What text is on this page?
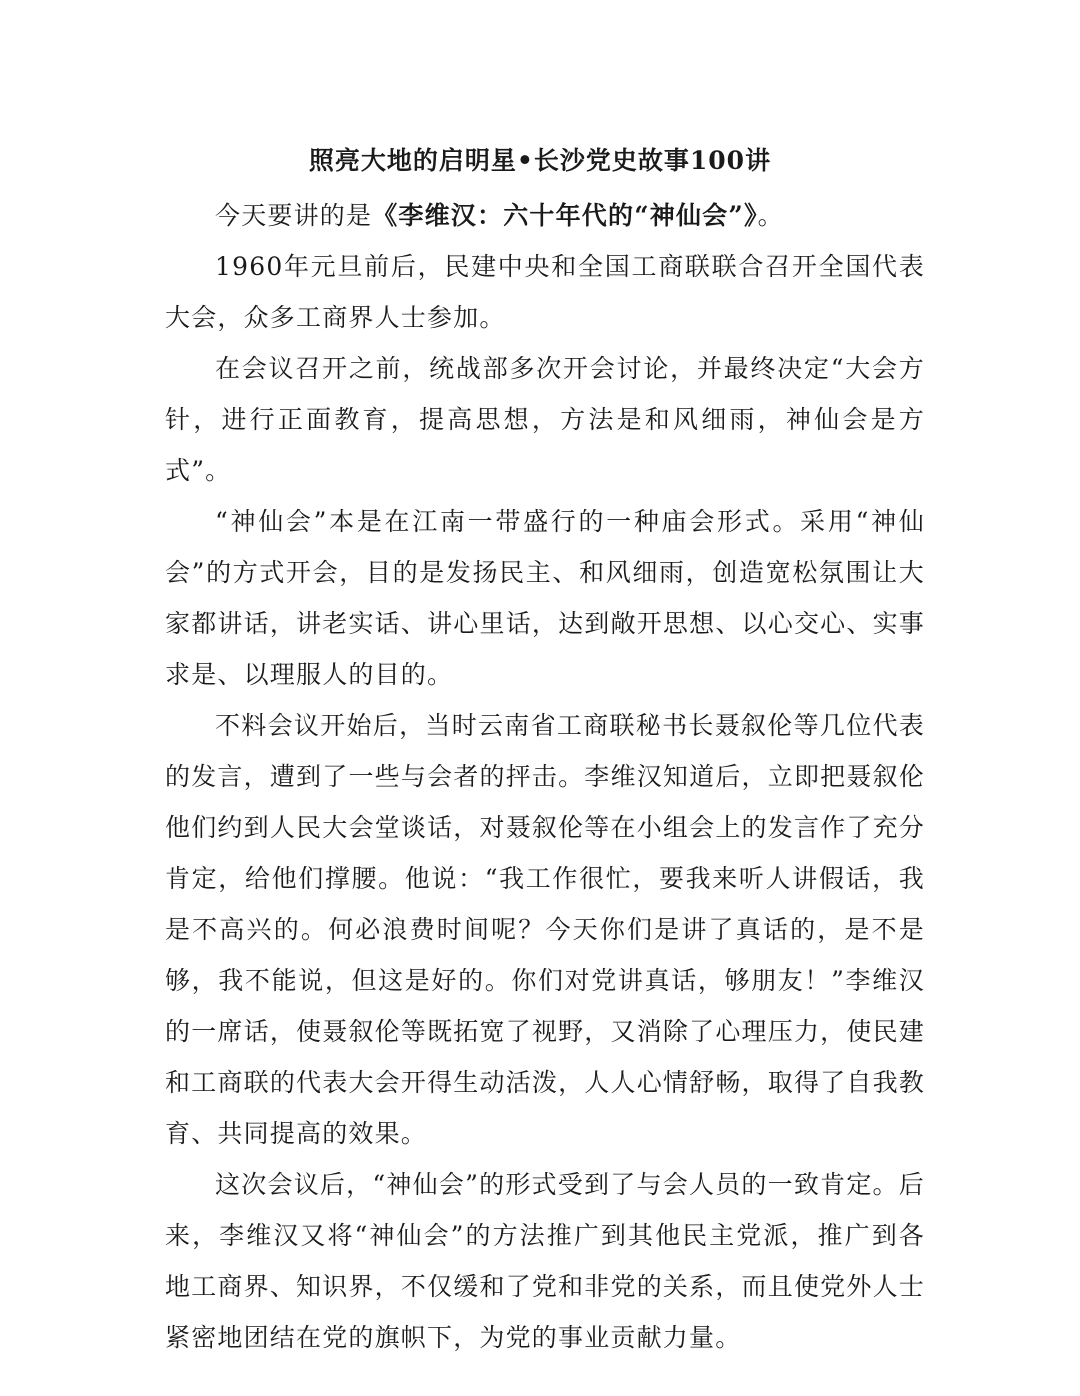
照亮大地的启明星•长沙党史故事100讲

今天要讲的是《李维汉：六十年代的“神仙会”》。

1960年元旦前后，民建中央和全国工商联联合召开全国代表大会，众多工商界人士参加。

在会议召开之前，统战部多次开会讨论，并最终决定“大会方针，进行正面教育，提高思想，方法是和风细雨，神仙会是方式”。

“神仙会”本是在江南一带盛行的一种庙会形式。采用“神仙会”的方式开会，目的是发扬民主、和风细雨，创造宽松氛围让大家都讲话，讲老实话、讲心里话，达到敞开思想、以心交心、实事求是、以理服人的目的。

不料会议开始后，当时云南省工商联秘书长聂叙伦等几位代表的发言，遭到了一些与会者的抨击。李维汉知道后，立即把聂叙伦他们约到人民大会堂谈话，对聂叙伦等在小组会上的发言作了充分肯定，给他们撑腰。他说：“我工作很忙，要我来听人讲假话，我是不高兴的。何必浪费时间呢？今天你们是讲了真话的，是不是够，我不能说，但这是好的。你们对党讲真话，够朋友！”李维汉的一席话，使聂叙伦等既拓宽了视野，又消除了心理压力，使民建和工商联的代表大会开得生动活泼，人人心情舒畅，取得了自我教育、共同提高的效果。

这次会议后，“神仙会”的形式受到了与会人员的一致肯定。后来，李维汉又将“神仙会”的方法推广到其他民主党派，推广到各地工商界、知识界，不仅缓和了党和非党的关系，而且使党外人士紧密地团结在党的旗帜下，为党的事业贡献力量。
